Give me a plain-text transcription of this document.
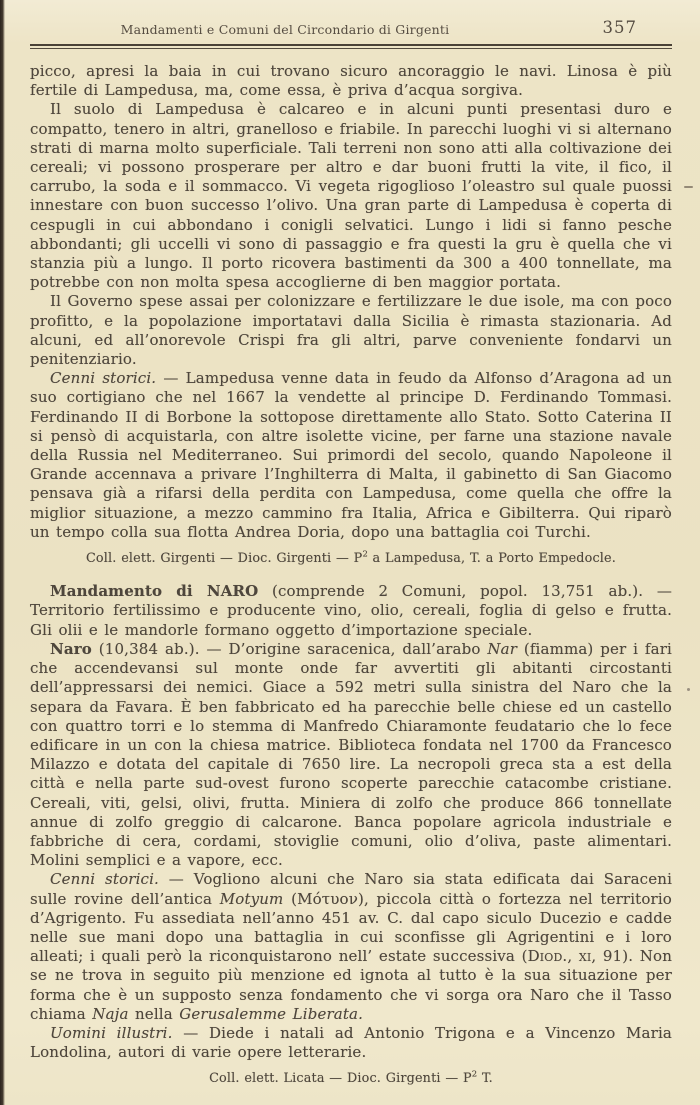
Mandamenti e Comuni del Circondario di Girgenti	357

picco, apresi la baia in cui trovano sicuro ancoraggio le navi. Linosa è più fertile di Lampedusa, ma, come essa, è priva d’acqua sorgiva.

Il suolo di Lampedusa è calcareo e in alcuni punti presentasi duro e compatto, tenero in altri, granelloso e friabile. In parecchi luoghi vi si alternano strati di marna molto superficiale. Tali terreni non sono atti alla coltivazione dei cereali; vi possono prosperare per altro e dar buoni frutti la vite, il fico, il carrubo, la soda e il sommacco. Vi vegeta rigoglioso l’oleastro sul quale puossi innestare con buon successo l’olivo. Una gran parte di Lampedusa è coperta di cespugli in cui abbondano i conigli selvatici. Lungo i lidi si fanno pesche abbondanti; gli uccelli vi sono di passaggio e fra questi la gru è quella che vi stanzia più a lungo. Il porto ricovera bastimenti da 300 a 400 tonnellate, ma potrebbe con non molta spesa accoglierne di ben maggior portata.

Il Governo spese assai per colonizzare e fertilizzare le due isole, ma con poco profitto, e la popolazione importatavi dalla Sicilia è rimasta stazionaria. Ad alcuni, ed all’onorevole Crispi fra gli altri, parve conveniente fondarvi un penitenziario.

Cenni storici. — Lampedusa venne data in feudo da Alfonso d’Aragona ad un suo cortigiano che nel 1667 la vendette al principe D. Ferdinando Tommasi. Ferdinando II di Borbone la sottopose direttamente allo Stato. Sotto Caterina II si pensò di acquistarla, con altre isolette vicine, per farne una stazione navale della Russia nel Mediterraneo. Sui primordi del secolo, quando Napoleone il Grande accennava a privare l’Inghilterra di Malta, il gabinetto di San Giacomo pensava già a rifarsi della perdita con Lampedusa, come quella che offre la miglior situazione, a mezzo cammino fra Italia, Africa e Gibilterra. Qui riparò un tempo colla sua flotta Andrea Doria, dopo una battaglia coi Turchi.

Coll. elett. Girgenti — Dioc. Girgenti — $P^2$ a Lampedusa, T. a Porto Empedocle.

Mandamento di NARO (comprende 2 Comuni, popol. 13,751 ab.). — Territorio fertilissimo e producente vino, olio, cereali, foglia di gelso e frutta. Gli olii e le mandorle formano oggetto d’importazione speciale.

Naro (10,384 ab.). — D’origine saracenica, dall’arabo Nar (fiamma) per i fari che accendevansi sul monte onde far avvertiti gli abitanti circostanti dell’appressarsi dei nemici. Giace a 592 metri sulla sinistra del Naro che la separa da Favara. È ben fabbricato ed ha parecchie belle chiese ed un castello con quattro torri e lo stemma di Manfredo Chiaramonte feudatario che lo fece edificare in un con la chiesa matrice. Biblioteca fondata nel 1700 da Francesco Milazzo e dotata del capitale di 7650 lire. La necropoli greca sta a est della città e nella parte sud-ovest furono scoperte parecchie catacombe cristiane. Cereali, viti, gelsi, olivi, frutta. Miniera di zolfo che produce 866 tonnellate annue di zolfo greggio di calcarone. Banca popolare agricola industriale e fabbriche di cera, cordami, stoviglie comuni, olio d’oliva, paste alimentari. Molini semplici e a vapore, ecc.

Cenni storici. — Vogliono alcuni che Naro sia stata edificata dai Saraceni sulle rovine dell’antica Motyum (Μότυον), piccola città o fortezza nel territorio d’Agrigento. Fu assediata nell’anno 451 av. C. dal capo siculo Ducezio e cadde nelle sue mani dopo una battaglia in cui sconfisse gli Agrigentini e i loro alleati; i quali però la riconquistarono nell’ estate successiva (Diod., xi, 91). Non se ne trova in seguito più menzione ed ignota al tutto è la sua situazione per forma che è un supposto senza fondamento che vi sorga ora Naro che il Tasso chiama Naja nella Gerusalemme Liberata.

Uomini illustri. — Diede i natali ad Antonio Trigona e a Vincenzo Maria Londolina, autori di varie opere letterarie.

Coll. elett. Licata — Dioc. Girgenti — $P^2$ T.
